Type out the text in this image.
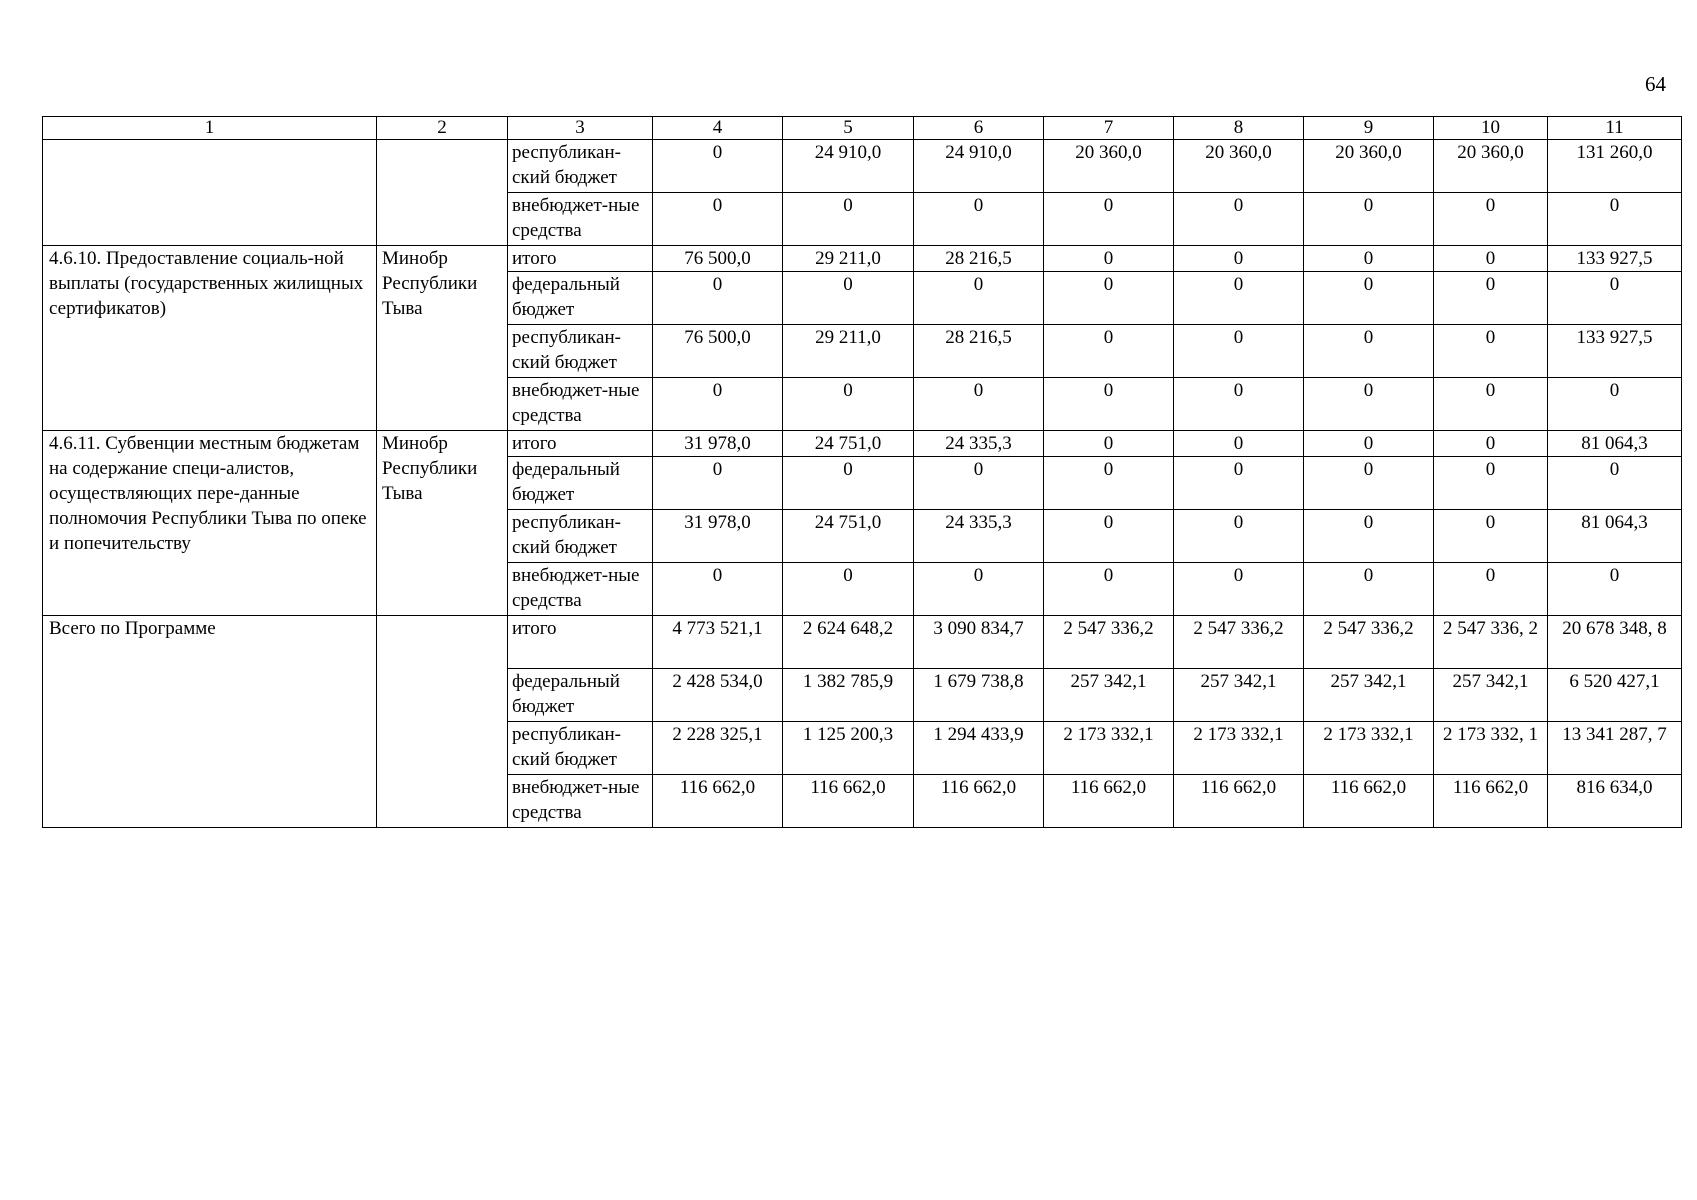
64
1	2	3	4	5	6	7	8	9	10	11
		республикан-ский бюджет	0	24 910,0	24 910,0	20 360,0	20 360,0	20 360,0	20 360,0	131 260,0
		внебюджет-ные средства	0	0	0	0	0	0	0	0
4.6.10. Предоставление социаль-ной выплаты (государственных жилищных сертификатов)	Минобр Республики Тыва	итого	76 500,0	29 211,0	28 216,5	0	0	0	0	133 927,5
		федеральный бюджет	0	0	0	0	0	0	0	0
		республикан-ский бюджет	76 500,0	29 211,0	28 216,5	0	0	0	0	133 927,5
		внебюджет-ные средства	0	0	0	0	0	0	0	0
4.6.11. Субвенции местным бюджетам на содержание специ-алистов, осуществляющих пере-данные полномочия Республики Тыва по опеке и попечительству	Минобр Республики Тыва	итого	31 978,0	24 751,0	24 335,3	0	0	0	0	81 064,3
		федеральный бюджет	0	0	0	0	0	0	0	0
		республикан-ский бюджет	31 978,0	24 751,0	24 335,3	0	0	0	0	81 064,3
		внебюджет-ные средства	0	0	0	0	0	0	0	0
Всего по Программе		итого	4 773 521,1	2 624 648,2	3 090 834,7	2 547 336,2	2 547 336,2	2 547 336,2	2 547 336, 2	20 678 348, 8
		федеральный бюджет	2 428 534,0	1 382 785,9	1 679 738,8	257 342,1	257 342,1	257 342,1	257 342,1	6 520 427,1
		республикан-ский бюджет	2 228 325,1	1 125 200,3	1 294 433,9	2 173 332,1	2 173 332,1	2 173 332,1	2 173 332, 1	13 341 287, 7
		внебюджет-ные средства	116 662,0	116 662,0	116 662,0	116 662,0	116 662,0	116 662,0	116 662,0	816 634,0
